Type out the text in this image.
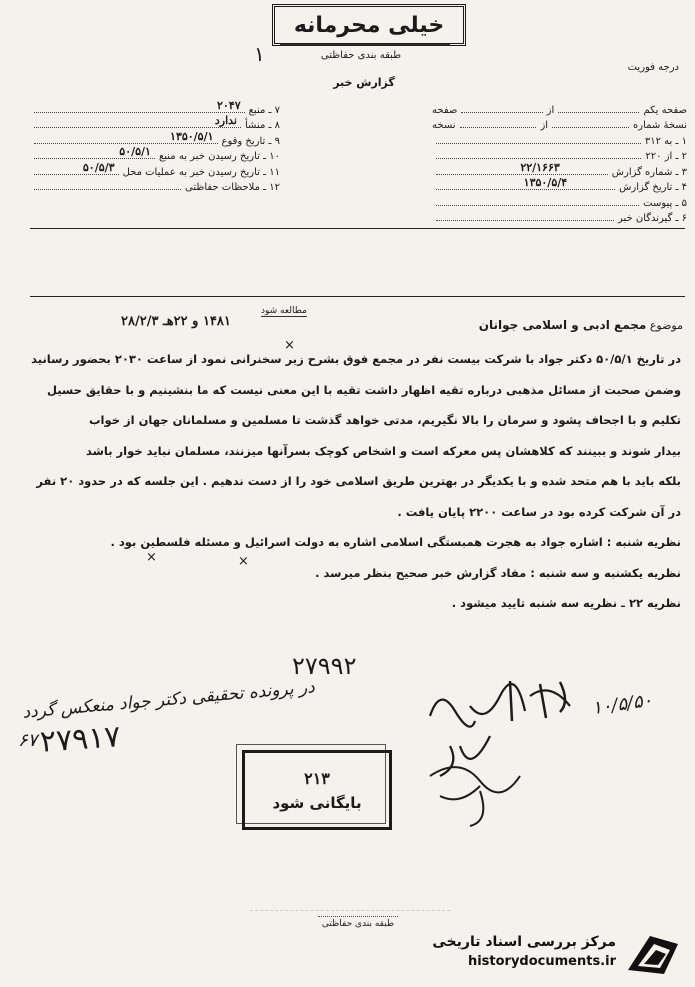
خیلی محرمانه
طبقه بندی حفاظتی
گزارش خبر
۱
درجه فوریت
صفحه یکم
از
صفحه
نسخهٔ شماره
از
نسخه
۱ ـ به ۳۱۲
۲ ـ از ۲۲۰
۳ ـ شماره گزارش
۲۲/۱۶۶۳
۴ ـ تاریخ گزارش
۱۳۵۰/۵/۴
۵ ـ پیوست
۶ ـ گیرندگان خبر
۷ ـ منبع
۲۰۴۷
۸ ـ منشأ
ندارد
۹ ـ تاریخ وقوع
۱۳۵۰/۵/۱
۱۰ ـ تاریخ رسیدن خبر به منبع
۵۰/۵/۱
۱۱ ـ تاریخ رسیدن خبر به عملیات محل
۵۰/۵/۳
۱۲ ـ ملاحظات حفاظتی
موضوع مجمع ادبی و اسلامی جوانان
مطالعه شود
۱۴۸۱ و ۲۲هـ ۲۸/۲/۳
در تاریخ ۵۰/۵/۱ دکتر جواد با شرکت بیست نفر در مجمع فوق بشرح زیر سخنرانی نمود از ساعت ۲۰۳۰ بحضور رسانید
وضمن صحبت از مسائل مذهبی درباره تقیه اظهار داشت تقیه با این معنی نیست که ما بنشینیم و با حقایق حسیل
تکلیم و با اجحاف پشود و سرمان را بالا نگیریم، مدتی خواهد گذشت تا مسلمین و مسلمانان جهان از خواب
بیدار شوند و ببینند که کلاهشان پس معرکه است و اشخاص کوچک بسرآنها میزنند، مسلمان نباید خوار باشد
بلکه باید با هم متحد شده و با یکدیگر در بهترین طریق اسلامی خود را از دست ندهیم . این جلسه که در حدود ۲۰ نفر
در آن شرکت کرده بود در ساعت ۲۲۰۰ پایان یافت .
نظریه شنبه : اشاره جواد به هجرت همبستگی اسلامی اشاره به دولت اسرائیل و مسئله فلسطین بود .
نظریه یکشنبه و سه شنبه : مفاد گزارش خبر صحیح بنظر میرسد .
نظریه ۲۲ ـ نظریه سه شنبه تایید میشود .
×
×	×
۲۷۹۹۲
در پرونده تحقیقی دکتر جواد منعکس گردد
۶۷ ۲۷۹۱۷
۱۰/۵/۵۰
۲۱۳
بایگانی شود
طبقه بندی حفاظتی
مرکز بررسی اسناد تاریخی
historydocuments.ir
